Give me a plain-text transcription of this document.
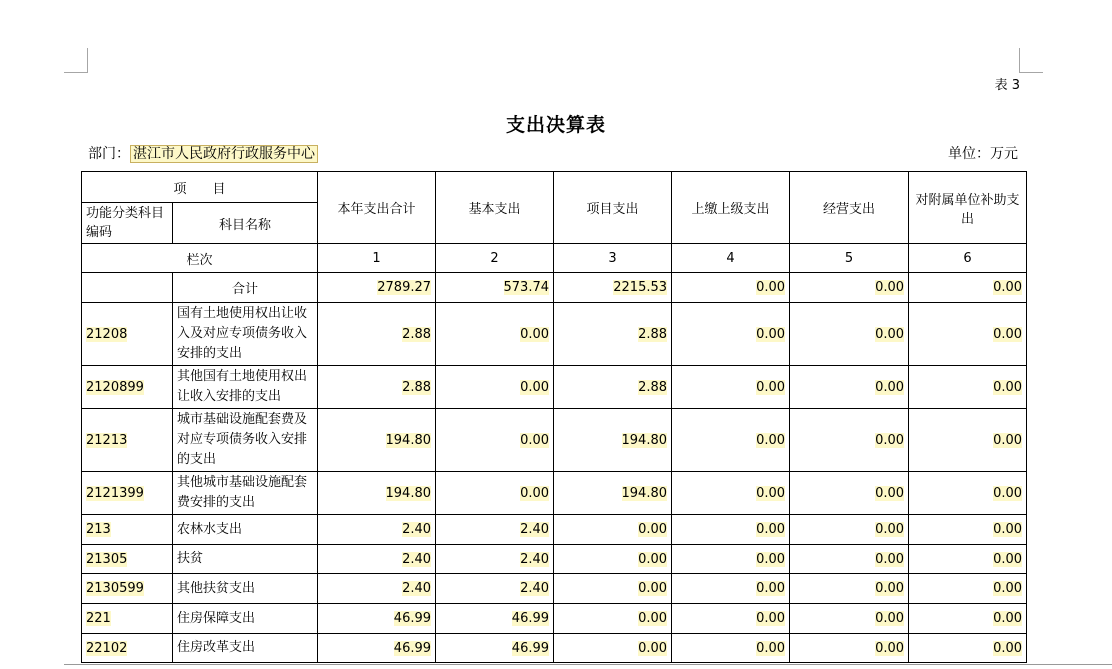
表 3
支出决算表
部门： 湛江市人民政府行政服务中心	单位：万元
项　　目		本年支出合计	基本支出	项目支出	上缴上级支出	经营支出	对附属单位补助支出
功能分类科目编码	科目名称						
栏次		1	2	3	4	5	6
	合计	2789.27	573.74	2215.53	0.00	0.00	0.00
21208	国有土地使用权出让收入及对应专项债务收入安排的支出	2.88	0.00	2.88	0.00	0.00	0.00
2120899	其他国有土地使用权出让收入安排的支出	2.88	0.00	2.88	0.00	0.00	0.00
21213	城市基础设施配套费及对应专项债务收入安排的支出	194.80	0.00	194.80	0.00	0.00	0.00
2121399	其他城市基础设施配套费安排的支出	194.80	0.00	194.80	0.00	0.00	0.00
213	农林水支出	2.40	2.40	0.00	0.00	0.00	0.00
21305	扶贫	2.40	2.40	0.00	0.00	0.00	0.00
2130599	其他扶贫支出	2.40	2.40	0.00	0.00	0.00	0.00
221	住房保障支出	46.99	46.99	0.00	0.00	0.00	0.00
22102	住房改革支出	46.99	46.99	0.00	0.00	0.00	0.00
